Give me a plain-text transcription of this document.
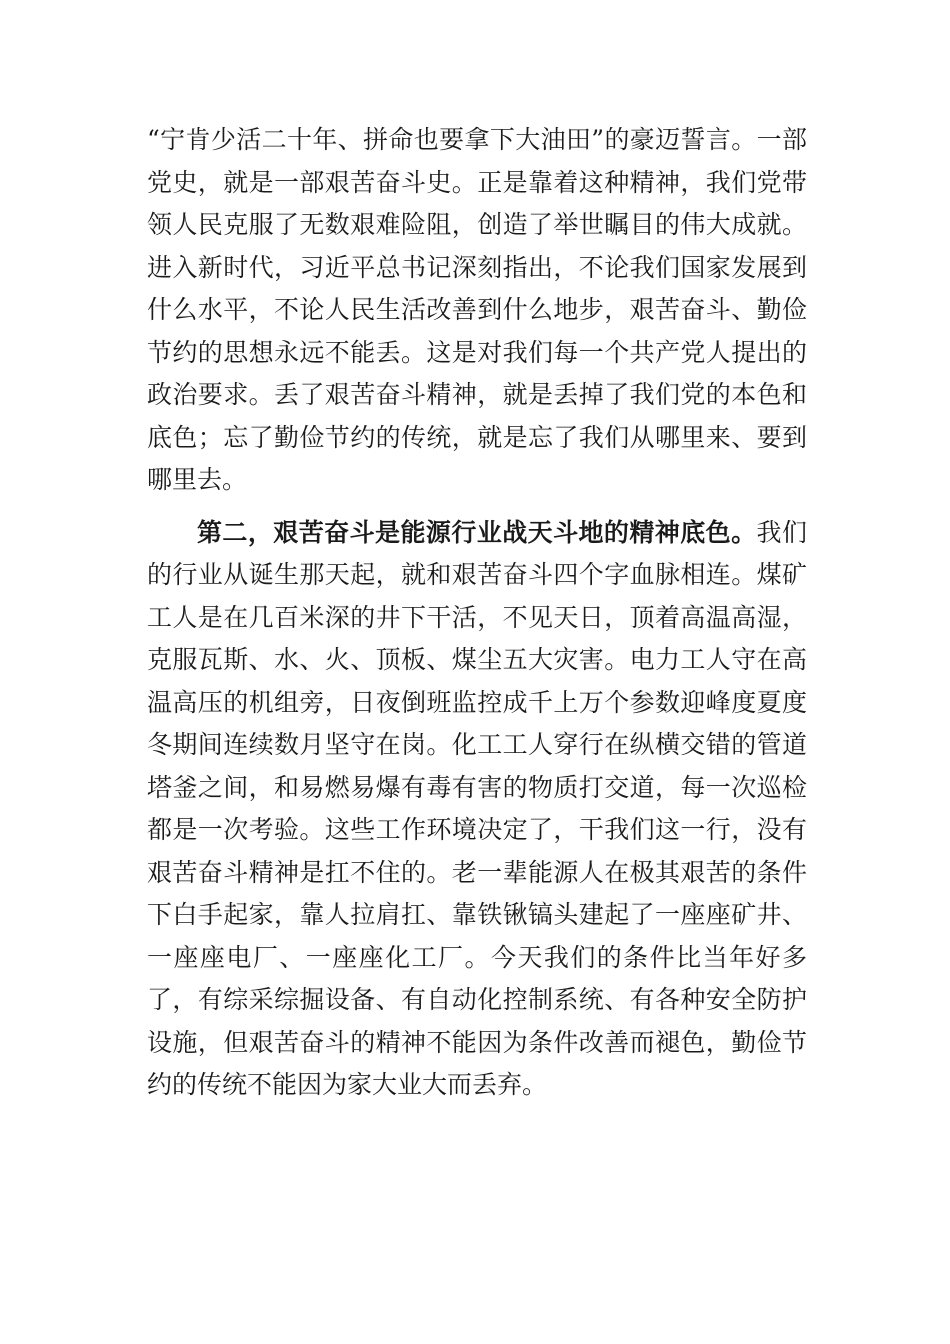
“宁肯少活二十年、拼命也要拿下大油田”的豪迈誓言。一部党史，就是一部艰苦奋斗史。正是靠着这种精神，我们党带领人民克服了无数艰难险阻，创造了举世瞩目的伟大成就。进入新时代，习近平总书记深刻指出，不论我们国家发展到什么水平，不论人民生活改善到什么地步，艰苦奋斗、勤俭节约的思想永远不能丢。这是对我们每一个共产党人提出的政治要求。丢了艰苦奋斗精神，就是丢掉了我们党的本色和底色；忘了勤俭节约的传统，就是忘了我们从哪里来、要到哪里去。

第二，艰苦奋斗是能源行业战天斗地的精神底色。我们的行业从诞生那天起，就和艰苦奋斗四个字血脉相连。煤矿工人是在几百米深的井下干活，不见天日，顶着高温高湿，克服瓦斯、水、火、顶板、煤尘五大灾害。电力工人守在高温高压的机组旁，日夜倒班监控成千上万个参数迎峰度夏度冬期间连续数月坚守在岗。化工工人穿行在纵横交错的管道塔釜之间，和易燃易爆有毒有害的物质打交道，每一次巡检都是一次考验。这些工作环境决定了，干我们这一行，没有艰苦奋斗精神是扛不住的。老一辈能源人在极其艰苦的条件下白手起家，靠人拉肩扛、靠铁锹镐头建起了一座座矿井、一座座电厂、一座座化工厂。今天我们的条件比当年好多了，有综采综掘设备、有自动化控制系统、有各种安全防护设施，但艰苦奋斗的精神不能因为条件改善而褪色，勤俭节约的传统不能因为家大业大而丢弃。
